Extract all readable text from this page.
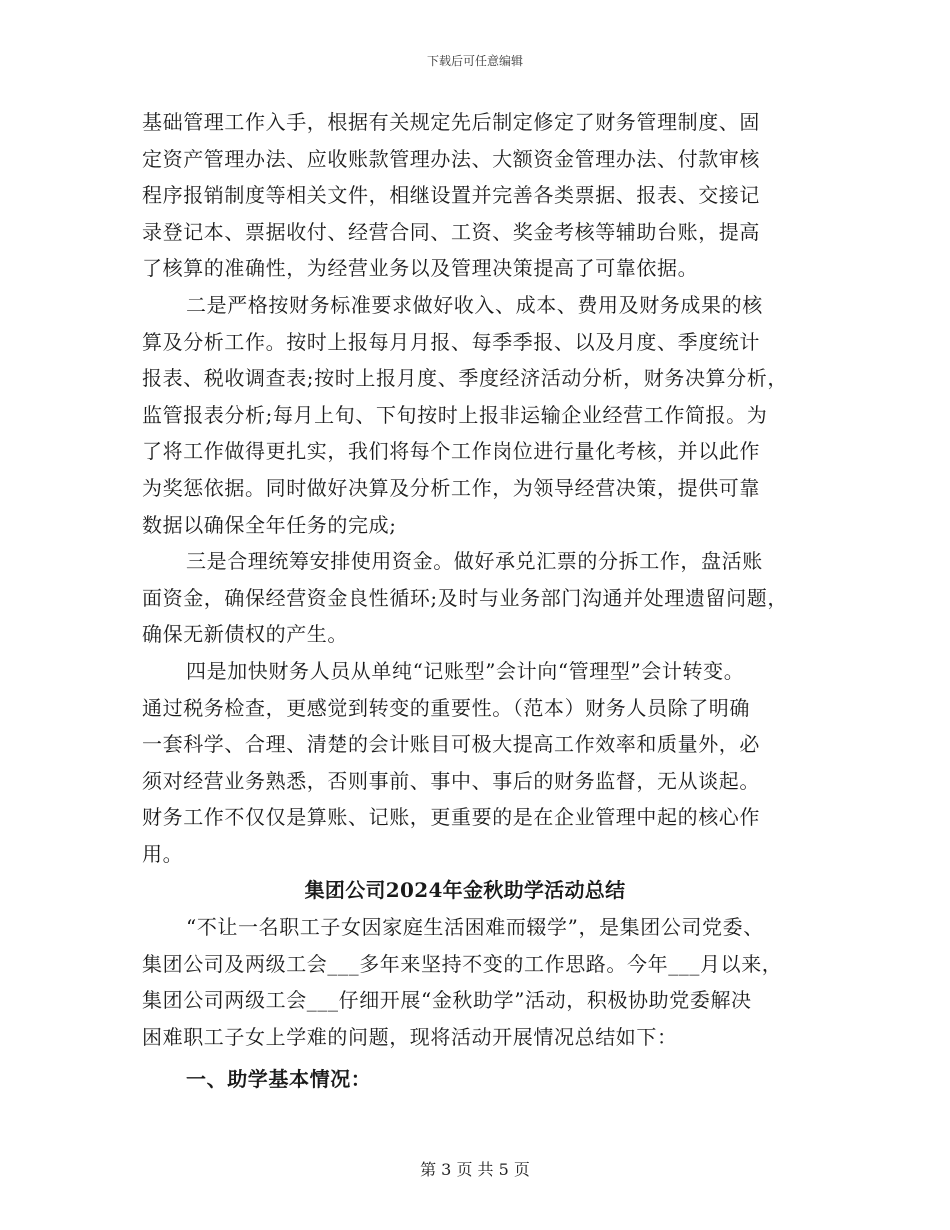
下载后可任意编辑
基础管理工作入手，根据有关规定先后制定修定了财务管理制度、固
定资产管理办法、应收账款管理办法、大额资金管理办法、付款审核
程序报销制度等相关文件，相继设置并完善各类票据、报表、交接记
录登记本、票据收付、经营合同、工资、奖金考核等辅助台账，提高
了核算的准确性，为经营业务以及管理决策提高了可靠依据。
二是严格按财务标准要求做好收入、成本、费用及财务成果的核
算及分析工作。按时上报每月月报、每季季报、以及月度、季度统计
报表、税收调查表;按时上报月度、季度经济活动分析，财务决算分析，
监管报表分析;每月上旬、下旬按时上报非运输企业经营工作简报。为
了将工作做得更扎实，我们将每个工作岗位进行量化考核，并以此作
为奖惩依据。同时做好决算及分析工作，为领导经营决策，提供可靠
数据以确保全年任务的完成;
三是合理统筹安排使用资金。做好承兑汇票的分拆工作，盘活账
面资金，确保经营资金良性循环;及时与业务部门沟通并处理遗留问题，
确保无新债权的产生。
四是加快财务人员从单纯“记账型”会计向“管理型”会计转变。
通过税务检查，更感觉到转变的重要性。（范本）财务人员除了明确
一套科学、合理、清楚的会计账目可极大提高工作效率和质量外，必
须对经营业务熟悉，否则事前、事中、事后的财务监督，无从谈起。
财务工作不仅仅是算账、记账，更重要的是在企业管理中起的核心作
用。
集团公司2024年金秋助学活动总结
“不让一名职工子女因家庭生活困难而辍学”，是集团公司党委、
集团公司及两级工会___多年来坚持不变的工作思路。今年___月以来，
集团公司两级工会___仔细开展“金秋助学”活动，积极协助党委解决
困难职工子女上学难的问题，现将活动开展情况总结如下：
一、助学基本情况：
第 3 页 共 5 页
